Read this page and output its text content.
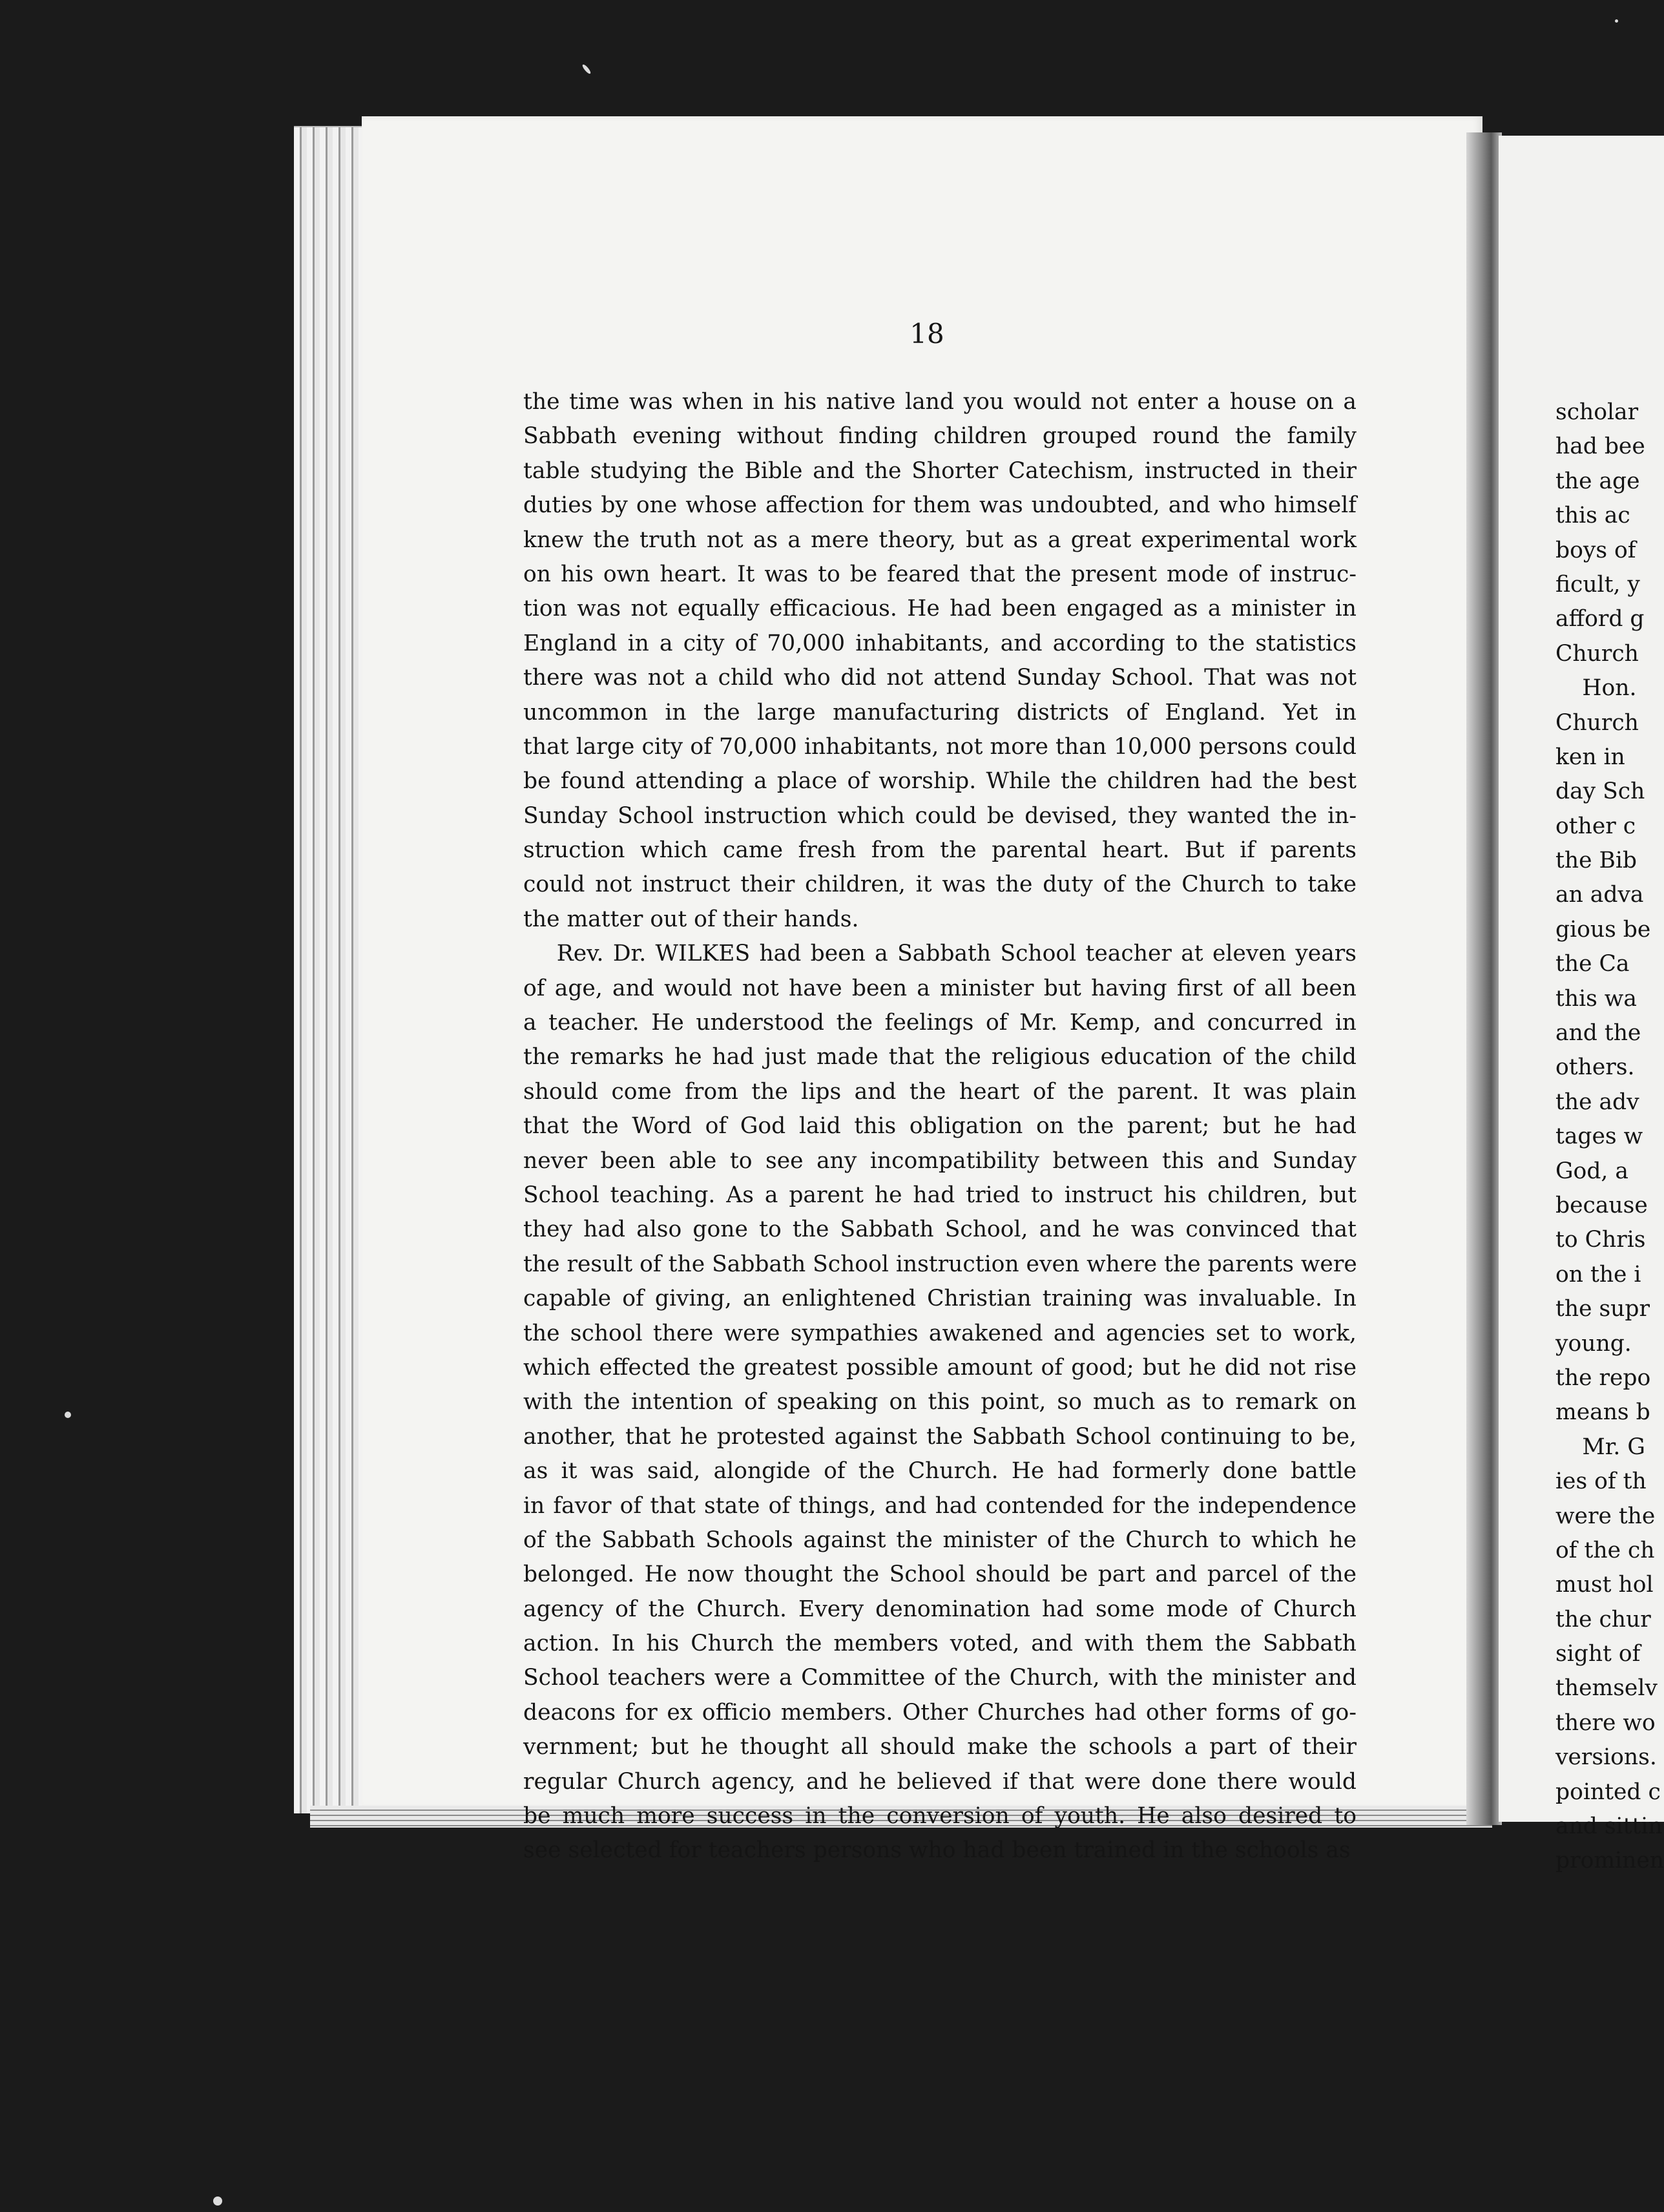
18
the time was when in his native land you would not enter a house on a
Sabbath evening without finding children grouped round the family
table studying the Bible and the Shorter Catechism, instructed in their
duties by one whose affection for them was undoubted, and who himself
knew the truth not as a mere theory, but as a great experimental work
on his own heart. It was to be feared that the present mode of instruc-
tion was not equally efficacious. He had been engaged as a minister in
England in a city of 70,000 inhabitants, and according to the statistics
there was not a child who did not attend Sunday School. That was not
uncommon in the large manufacturing districts of England. Yet in
that large city of 70,000 inhabitants, not more than 10,000 persons could
be found attending a place of worship. While the children had the best
Sunday School instruction which could be devised, they wanted the in-
struction which came fresh from the parental heart. But if parents
could not instruct their children, it was the duty of the Church to take
the matter out of their hands.
Rev. Dr. WILKES had been a Sabbath School teacher at eleven years
of age, and would not have been a minister but having first of all been
a teacher. He understood the feelings of Mr. Kemp, and concurred in
the remarks he had just made that the religious education of the child
should come from the lips and the heart of the parent. It was plain
that the Word of God laid this obligation on the parent; but he had
never been able to see any incompatibility between this and Sunday
School teaching. As a parent he had tried to instruct his children, but
they had also gone to the Sabbath School, and he was convinced that
the result of the Sabbath School instruction even where the parents were
capable of giving, an enlightened Christian training was invaluable. In
the school there were sympathies awakened and agencies set to work,
which effected the greatest possible amount of good; but he did not rise
with the intention of speaking on this point, so much as to remark on
another, that he protested against the Sabbath School continuing to be,
as it was said, alongide of the Church. He had formerly done battle
in favor of that state of things, and had contended for the independence
of the Sabbath Schools against the minister of the Church to which he
belonged. He now thought the School should be part and parcel of the
agency of the Church. Every denomination had some mode of Church
action. In his Church the members voted, and with them the Sabbath
School teachers were a Committee of the Church, with the minister and
deacons for ex officio members. Other Churches had other forms of go-
vernment; but he thought all should make the schools a part of their
regular Church agency, and he believed if that were done there would
be much more success in the conversion of youth. He also desired to
see selected for teachers persons who had been trained in the schools as
scholar
had bee
the age
this ac
boys of
ficult, y
afford g
Church
Hon.
Church
ken in
day Sch
other c
the Bib
an adva
gious be
the Ca
this wa
and the
others.
the adv
tages w
God, a
because
to Chris
on the i
the supr
young.
the repo
means b
Mr. G
ies of th
were the
of the ch
must hol
the chur
sight of
themselv
there wo
versions.
pointed c
and sittin
prominen
